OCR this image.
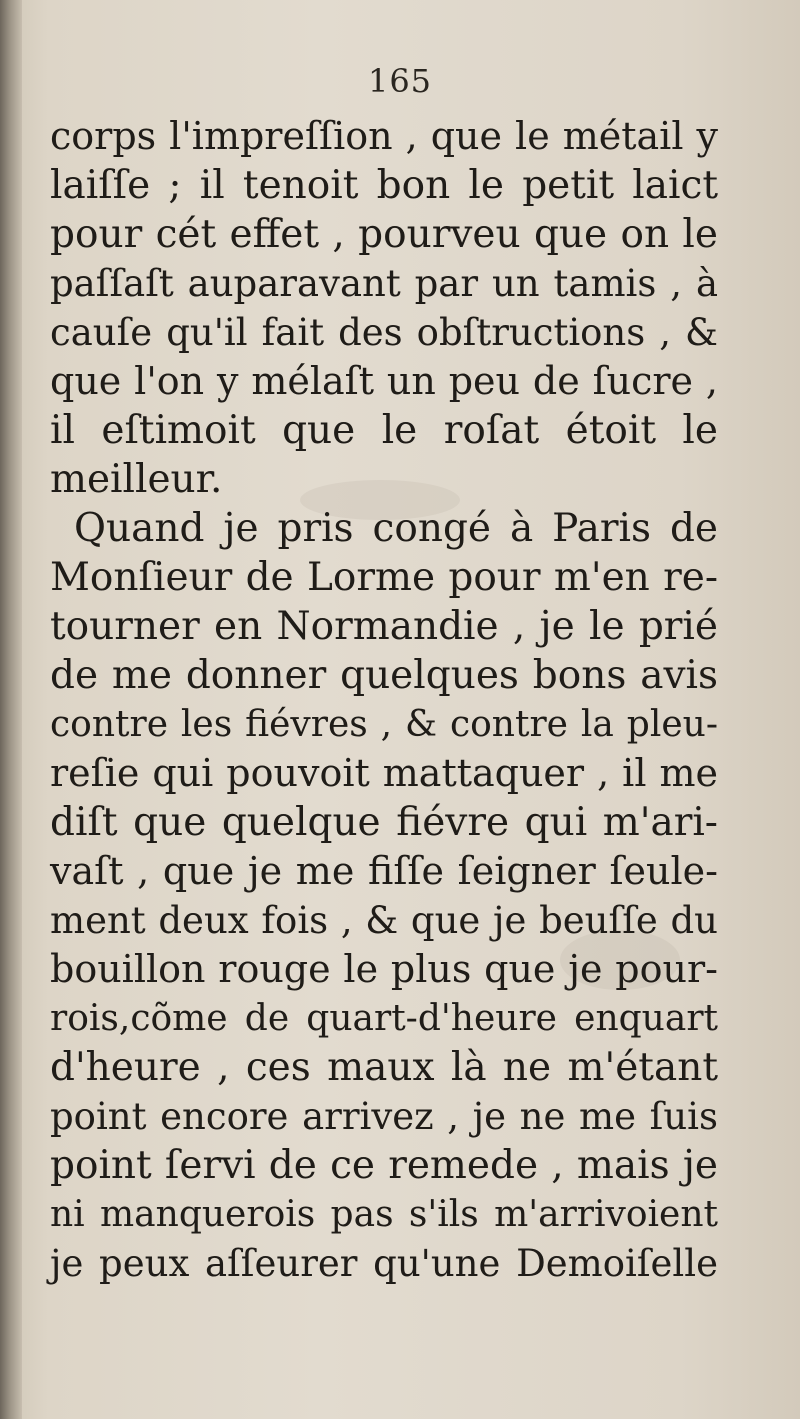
165
corps l'impreſſion , que le métail y
laiſſe ; il tenoit bon le petit laict
pour cét effet , pourveu que on le
paſſaſt auparavant par un tamis , à
cauſe qu'il fait des obſtructions , &
que l'on y mélaſt un peu de ſucre ,
il eſtimoit que le roſat étoit le
meilleur.
Quand je pris congé à Paris de
Monſieur de Lorme pour m'en re-
tourner en Normandie , je le prié
de me donner quelques bons avis
contre les fiévres , & contre la pleu-
reſie qui pouvoit mattaquer , il me
diſt que quelque fiévre qui m'ari-
vaſt , que je me fiſſe ſeigner ſeule-
ment deux fois , & que je beuſſe du
bouillon rouge le plus que je pour-
rois,cõme de quart-d'heure enquart
d'heure , ces maux là ne m'étant
point encore arrivez , je ne me ſuis
point ſervi de ce remede , mais je
ni manquerois pas s'ils m'arrivoient
je peux aſſeurer qu'une Demoiſelle
